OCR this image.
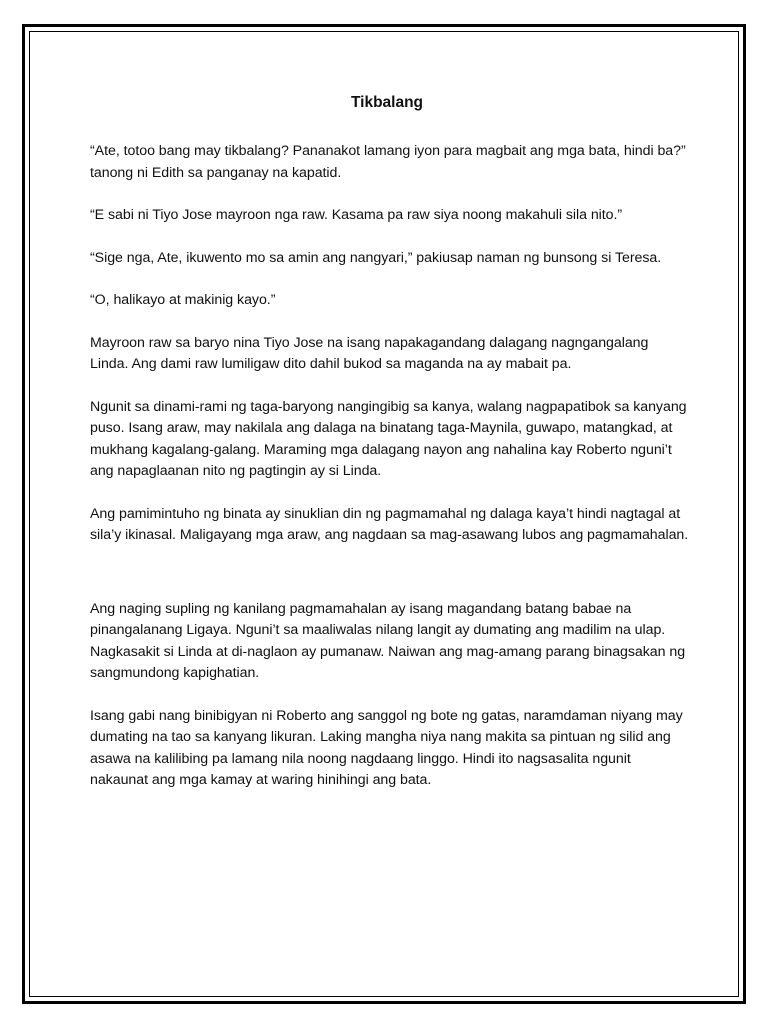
Tikbalang

“Ate, totoo bang may tikbalang? Pananakot lamang iyon para magbait ang mga bata, hindi ba?” tanong ni Edith sa panganay na kapatid.

“E sabi ni Tiyo Jose mayroon nga raw. Kasama pa raw siya noong makahuli sila nito.”

“Sige nga, Ate, ikuwento mo sa amin ang nangyari,” pakiusap naman ng bunsong si Teresa.

“O, halikayo at makinig kayo.”

Mayroon raw sa baryo nina Tiyo Jose na isang napakagandang dalagang nagngangalang Linda. Ang dami raw lumiligaw dito dahil bukod sa maganda na ay mabait pa.

Ngunit sa dinami-rami ng taga-baryong nangingibig sa kanya, walang nagpapatibok sa kanyang puso. Isang araw, may nakilala ang dalaga na binatang taga-Maynila, guwapo, matangkad, at mukhang kagalang-galang. Maraming mga dalagang nayon ang nahalina kay Roberto nguni’t ang napaglaanan nito ng pagtingin ay si Linda.

Ang pamimintuho ng binata ay sinuklian din ng pagmamahal ng dalaga kaya’t hindi nagtagal at sila’y ikinasal. Maligayang mga araw, ang nagdaan sa mag-asawang lubos ang pagmamahalan.

Ang naging supling ng kanilang pagmamahalan ay isang magandang batang babae na pinangalanang Ligaya. Nguni’t sa maaliwalas nilang langit ay dumating ang madilim na ulap. Nagkasakit si Linda at di-naglaon ay pumanaw. Naiwan ang mag-amang parang binagsakan ng sangmundong kapighatian.

Isang gabi nang binibigyan ni Roberto ang sanggol ng bote ng gatas, naramdaman niyang may dumating na tao sa kanyang likuran. Laking mangha niya nang makita sa pintuan ng silid ang asawa na kalilibing pa lamang nila noong nagdaang linggo. Hindi ito nagsasalita ngunit nakaunat ang mga kamay at waring hinihingi ang bata.
